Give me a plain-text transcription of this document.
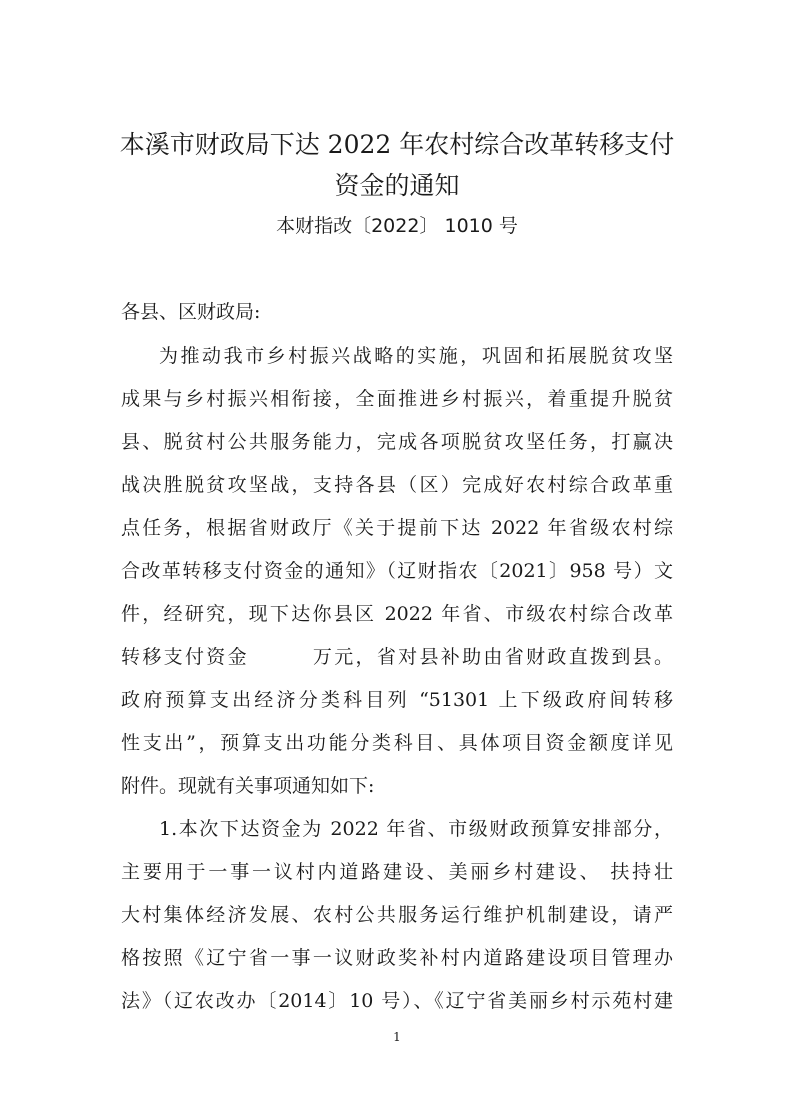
本溪市财政局下达 2022 年农村综合改革转移支付
资金的通知
本财指改〔2022〕 1010 号
各县、区财政局:
为推动我市乡村振兴战略的实施，巩固和拓展脱贫攻坚
成果与乡村振兴相衔接，全面推进乡村振兴，着重提升脱贫
县、脱贫村公共服务能力，完成各项脱贫攻坚任务，打赢决
战决胜脱贫攻坚战，支持各县（区）完成好农村综合政革重
点任务，根据省财政厅《关于提前下达 2022 年省级农村综
合改革转移支付资金的通知》（辽财指农〔2021〕958 号）文
件，经研究，现下达你县区 2022 年省、市级农村综合改革
转移支付资金　　　万元，省对县补助由省财政直拨到县。
政府预算支出经济分类科目列 “51301 上下级政府间转移
性支出”，预算支出功能分类科目、具体项目资金额度详见
附件。现就有关事项通知如下:
1.本次下达资金为 2022 年省、市级财政预算安排部分，
主要用于一事一议村内道路建设、美丽乡村建设、 扶持壮
大村集体经济发展、农村公共服务运行维护机制建设，请严
格按照《辽宁省一事一议财政奖补村内道路建设项目管理办
法》（辽农改办〔2014〕10 号）、《辽宁省美丽乡村示苑村建
1
